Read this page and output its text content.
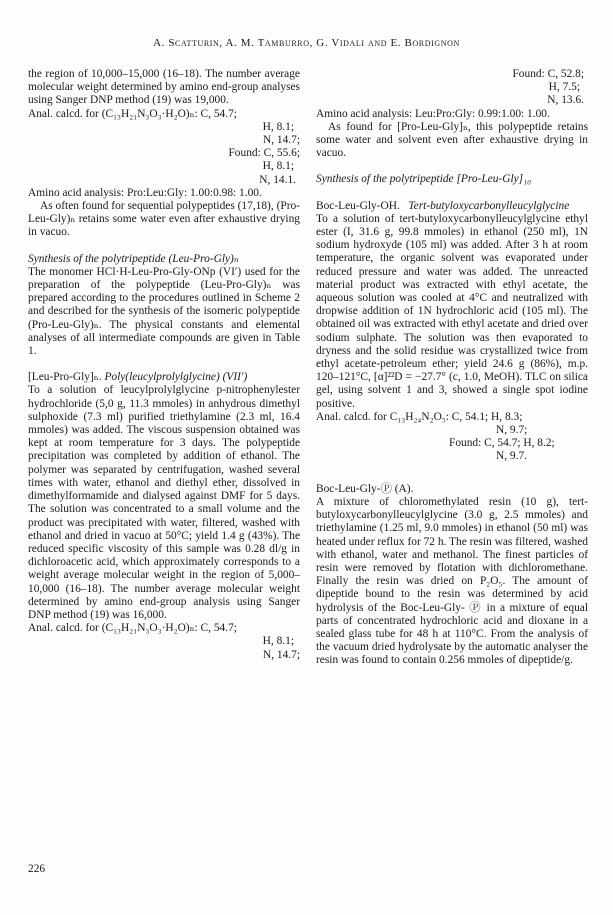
A. Scatturin, A. M. Tamburro, G. Vidali and E. Bordignon
the region of 10,000–15,000 (16–18). The number average molecular weight determined by amino end-group analyses using Sanger DNP method (19) was 19,000.
Anal. calcd. for (C₁₃H₂₁N₃O₃·H₂O)ₙ: C, 54.7;
H, 8.1;
N, 14.7;
Found: C, 55.6;
H, 8.1;
N, 14.1.
Amino acid analysis: Pro:Leu:Gly: 1.00:0.98: 1.00.
As often found for sequential polypeptides (17,18), (Pro-Leu-Gly)ₙ retains some water even after exhaustive drying in vacuo.
Synthesis of the polytripeptide (Leu-Pro-Gly)ₙ
The monomer HCl·H-Leu-Pro-Gly-ONp (VI′) used for the preparation of the polypeptide (Leu-Pro-Gly)ₙ was prepared according to the procedures outlined in Scheme 2 and described for the synthesis of the isomeric polypeptide (Pro-Leu-Gly)ₙ. The physical constants and elemental analyses of all intermediate compounds are given in Table 1.
[Leu-Pro-Gly]ₙ. Poly(leucylprolylglycine) (VII′)
To a solution of leucylprolylglycine p-nitrophenylester hydrochloride (5,0 g, 11.3 mmoles) in anhydrous dimethyl sulphoxide (7.3 ml) purified triethylamine (2.3 ml, 16.4 mmoles) was added. The viscous suspension obtained was kept at room temperature for 3 days. The polypeptide precipitation was completed by addition of ethanol. The polymer was separated by centrifugation, washed several times with water, ethanol and diethyl ether, dissolved in dimethylformamide and dialysed against DMF for 5 days. The solution was concentrated to a small volume and the product was precipitated with water, filtered, washed with ethanol and dried in vacuo at 50°C; yield 1.4 g (43%). The reduced specific viscosity of this sample was 0.28 dl/g in dichloroacetic acid, which approximately corresponds to a weight average molecular weight in the region of 5,000–10,000 (16–18). The number average molecular weight determined by amino end-group analysis using Sanger DNP method (19) was 16,000.
Anal. calcd. for (C₁₃H₂₁N₃O₃·H₂O)ₙ: C, 54.7;
H, 8.1;
N, 14.7;
Found: C, 52.8;
H, 7.5;
N, 13.6.
Amino acid analysis: Leu:Pro:Gly: 0.99:1.00: 1.00.
As found for [Pro-Leu-Gly]ₙ, this polypeptide retains some water and solvent even after exhaustive drying in vacuo.
Synthesis of the polytripeptide [Pro-Leu-Gly]₁₀
Boc-Leu-Gly-OH. Tert-butyloxycarbonylleucylglycine
To a solution of tert-butyloxycarbonylleucylglycine ethyl ester (I, 31.6 g, 99.8 mmoles) in ethanol (250 ml), 1N sodium hydroxyde (105 ml) was added. After 3 h at room temperature, the organic solvent was evaporated under reduced pressure and water was added. The unreacted material product was extracted with ethyl acetate, the aqueous solution was cooled at 4°C and neutralized with dropwise addition of 1N hydrochloric acid (105 ml). The obtained oil was extracted with ethyl acetate and dried over sodium sulphate. The solution was then evaporated to dryness and the solid residue was crystallized twice from ethyl acetate-petroleum ether; yield 24.6 g (86%), m.p. 120–121°C, [α]²²D = −27.7° (c, 1.0, MeOH). TLC on silica gel, using solvent 1 and 3, showed a single spot iodine positive.
Anal. calcd. for C₁₃H₂₄N₂O₅: C, 54.1; H, 8.3;
N, 9.7;
Found: C, 54.7; H, 8.2;
N, 9.7.
Boc-Leu-Gly-Ⓟ (A).
A mixture of chloromethylated resin (10 g), tert-butyloxycarbonylleucylglycine (3.0 g, 2.5 mmoles) and triethylamine (1.25 ml, 9.0 mmoles) in ethanol (50 ml) was heated under reflux for 72 h. The resin was filtered, washed with ethanol, water and methanol. The finest particles of resin were removed by flotation with dichloromethane. Finally the resin was dried on P₂O₅. The amount of dipeptide bound to the resin was determined by acid hydrolysis of the Boc-Leu-Gly- Ⓟ in a mixture of equal parts of concentrated hydrochloric acid and dioxane in a sealed glass tube for 48 h at 110°C. From the analysis of the vacuum dried hydrolysate by the automatic analyser the resin was found to contain 0.256 mmoles of dipeptide/g.
226
